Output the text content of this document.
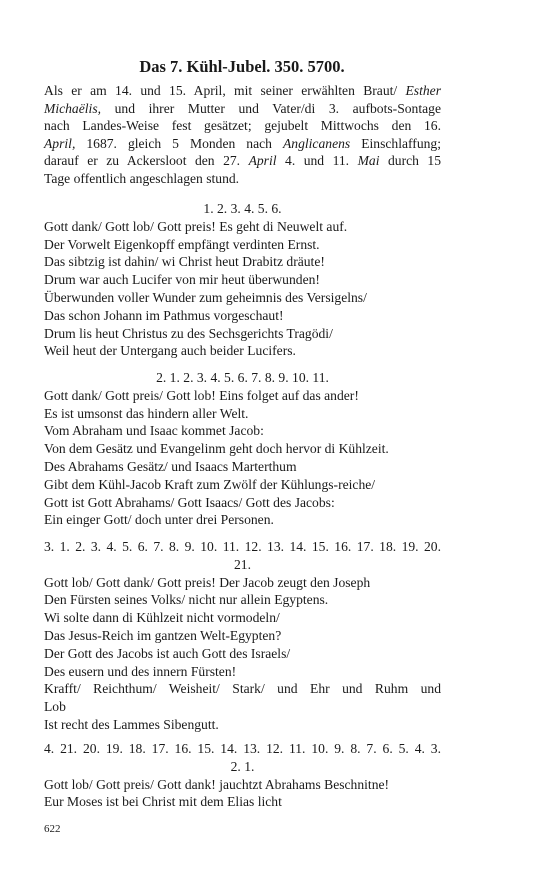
Das 7. Kühl-Jubel. 350. 5700.
Als er am 14. und 15. April, mit seiner erwählten Braut/ Esther
Michaëlis, und ihrer Mutter und Vater/di 3. aufbots-Sontage
nach Landes-Weise fest gesätzet; gejubelt Mittwochs den 16.
April, 1687. gleich 5 Monden nach Anglicanens Einschlaffung;
darauf er zu Ackersloot den 27. April 4. und 11. Mai durch 15
Tage offentlich angeschlagen stund.
1. 2. 3. 4. 5. 6.
Gott dank/ Gott lob/ Gott preis! Es geht di Neuwelt auf.
Der Vorwelt Eigenkopff empfängt verdinten Ernst.
Das sibtzig ist dahin/ wi Christ heut Drabitz dräute!
Drum war auch Lucifer von mir heut überwunden!
Überwunden voller Wunder zum geheimnis des Versigelns/
Das schon Johann im Pathmus vorgeschaut!
Drum lis heut Christus zu des Sechsgerichts Tragödi/
Weil heut der Untergang auch beider Lucifers.
2. 1. 2. 3. 4. 5. 6. 7. 8. 9. 10. 11.
Gott dank/ Gott preis/ Gott lob! Eins folget auf das ander!
Es ist umsonst das hindern aller Welt.
Vom Abraham und Isaac kommet Jacob:
Von dem Gesätz und Evangelinm geht doch hervor di Kühlzeit.
Des Abrahams Gesätz/ und Isaacs Marterthum
Gibt dem Kühl-Jacob Kraft zum Zwölf der Kühlungs-reiche/
Gott ist Gott Abrahams/ Gott Isaacs/ Gott des Jacobs:
Ein einger Gott/ doch unter drei Personen.
3. 1. 2. 3. 4. 5. 6. 7. 8. 9. 10. 11. 12. 13. 14. 15. 16. 17. 18. 19. 20.
21.
Gott lob/ Gott dank/ Gott preis! Der Jacob zeugt den Joseph
Den Fürsten seines Volks/ nicht nur allein Egyptens.
Wi solte dann di Kühlzeit nicht vormodeln/
Das Jesus-Reich im gantzen Welt-Egypten?
Der Gott des Jacobs ist auch Gott des Israels/
Des eusern und des innern Fürsten!
Krafft/ Reichthum/ Weisheit/ Stark/ und Ehr und Ruhm und
Lob
Ist recht des Lammes Sibengutt.
4. 21. 20. 19. 18. 17. 16. 15. 14. 13. 12. 11. 10. 9. 8. 7. 6. 5. 4. 3.
2. 1.
Gott lob/ Gott preis/ Gott dank! jauchtzt Abrahams Beschnitne!
Eur Moses ist bei Christ mit dem Elias licht
622
